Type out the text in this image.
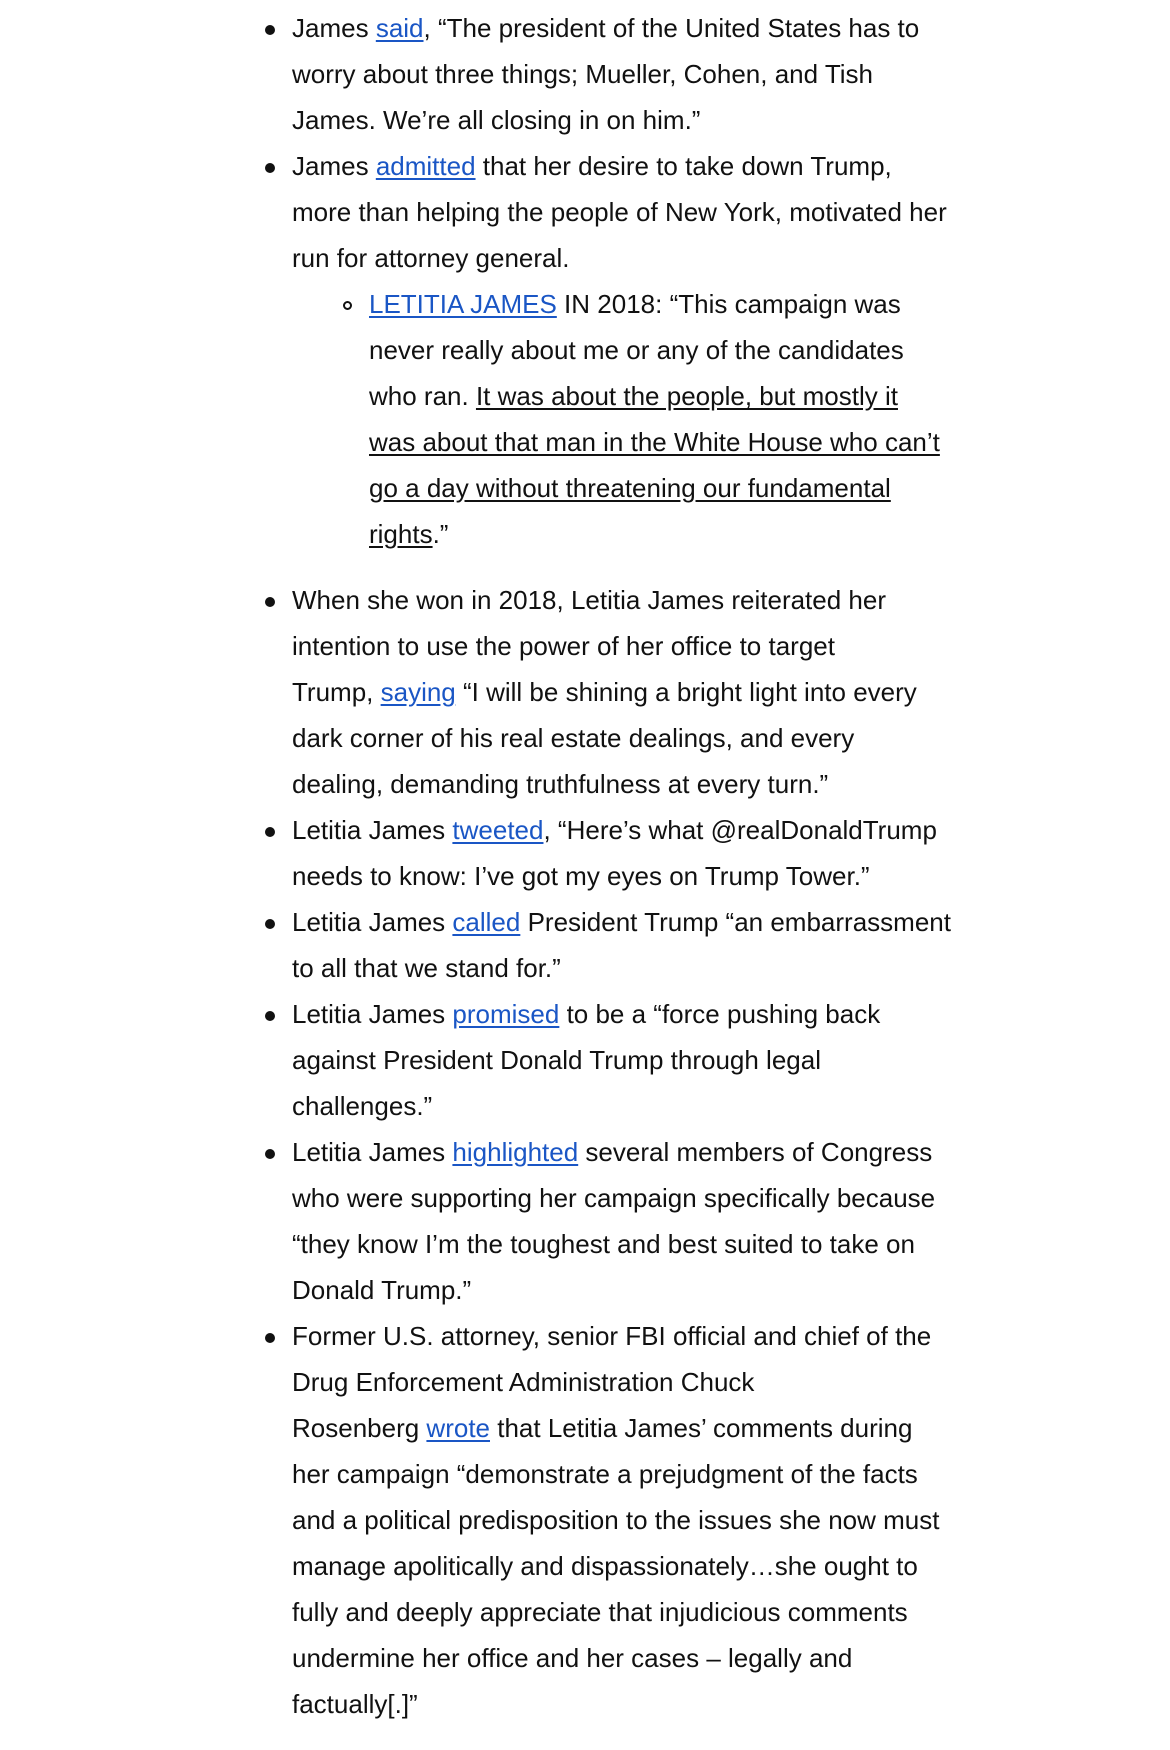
James said, “The president of the United States has to
worry about three things; Mueller, Cohen, and Tish
James. We’re all closing in on him.”
James admitted that her desire to take down Trump,
more than helping the people of New York, motivated her
run for attorney general.
LETITIA JAMES IN 2018: “This campaign was
never really about me or any of the candidates
who ran. It was about the people, but mostly it
was about that man in the White House who can’t
go a day without threatening our fundamental
rights.”
When she won in 2018, Letitia James reiterated her
intention to use the power of her office to target
Trump, saying “I will be shining a bright light into every
dark corner of his real estate dealings, and every
dealing, demanding truthfulness at every turn.”
Letitia James tweeted, “Here’s what @realDonaldTrump
needs to know: I’ve got my eyes on Trump Tower.”
Letitia James called President Trump “an embarrassment
to all that we stand for.”
Letitia James promised to be a “force pushing back
against President Donald Trump through legal
challenges.”
Letitia James highlighted several members of Congress
who were supporting her campaign specifically because
“they know I’m the toughest and best suited to take on
Donald Trump.”
Former U.S. attorney, senior FBI official and chief of the
Drug Enforcement Administration Chuck
Rosenberg wrote that Letitia James’ comments during
her campaign “demonstrate a prejudgment of the facts
and a political predisposition to the issues she now must
manage apolitically and dispassionately…she ought to
fully and deeply appreciate that injudicious comments
undermine her office and her cases – legally and
factually[.]”
